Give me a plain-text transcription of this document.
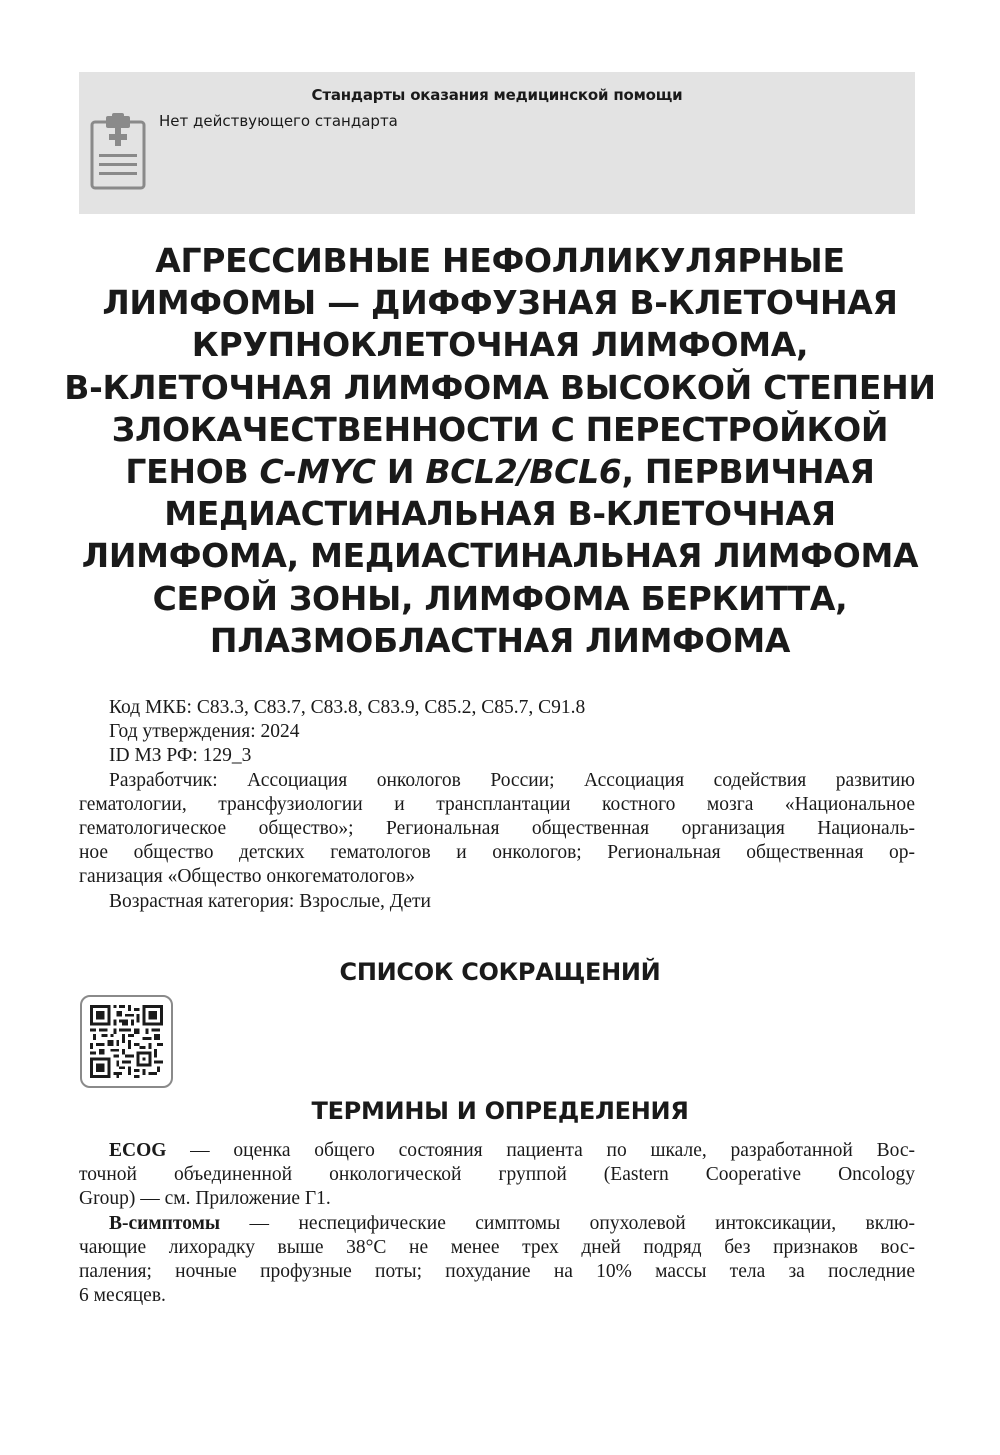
Стандарты оказания медицинской помощи
Нет действующего стандарта
АГРЕССИВНЫЕ НЕФОЛЛИКУЛЯРНЫЕ
ЛИМФОМЫ — ДИФФУЗНАЯ В-КЛЕТОЧНАЯ
КРУПНОКЛЕТОЧНАЯ ЛИМФОМА,
В-КЛЕТОЧНАЯ ЛИМФОМА ВЫСОКОЙ СТЕПЕНИ
ЗЛОКАЧЕСТВЕННОСТИ С ПЕРЕСТРОЙКОЙ
ГЕНОВ C-MYC И BCL2/BCL6, ПЕРВИЧНАЯ
МЕДИАСТИНАЛЬНАЯ В-КЛЕТОЧНАЯ
ЛИМФОМА, МЕДИАСТИНАЛЬНАЯ ЛИМФОМА
СЕРОЙ ЗОНЫ, ЛИМФОМА БЕРКИТТА,
ПЛАЗМОБЛАСТНАЯ ЛИМФОМА
Код МКБ: C83.3, C83.7, C83.8, C83.9, C85.2, C85.7, C91.8
Год утверждения: 2024
ID МЗ РФ: 129_3
Разработчик: Ассоциация онкологов России; Ассоциация содействия развитию
гематологии, трансфузиологии и трансплантации костного мозга «Национальное
гематологическое общество»; Региональная общественная организация Националь-
ное общество детских гематологов и онкологов; Региональная общественная ор-
ганизация «Общество онкогематологов»
Возрастная категория: Взрослые, Дети
СПИСОК СОКРАЩЕНИЙ
ТЕРМИНЫ И ОПРЕДЕЛЕНИЯ

ECOG — оценка общего состояния пациента по шкале, разработанной Вос-
точной объединенной онкологической группой (Eastern Cooperative Oncology
Group) — см. Приложение Г1.

В-симптомы — неспецифические симптомы опухолевой интоксикации, вклю-
чающие лихорадку выше 38°С не менее трех дней подряд без признаков вос-
паления; ночные профузные поты; похудание на 10% массы тела за последние
6 месяцев.
